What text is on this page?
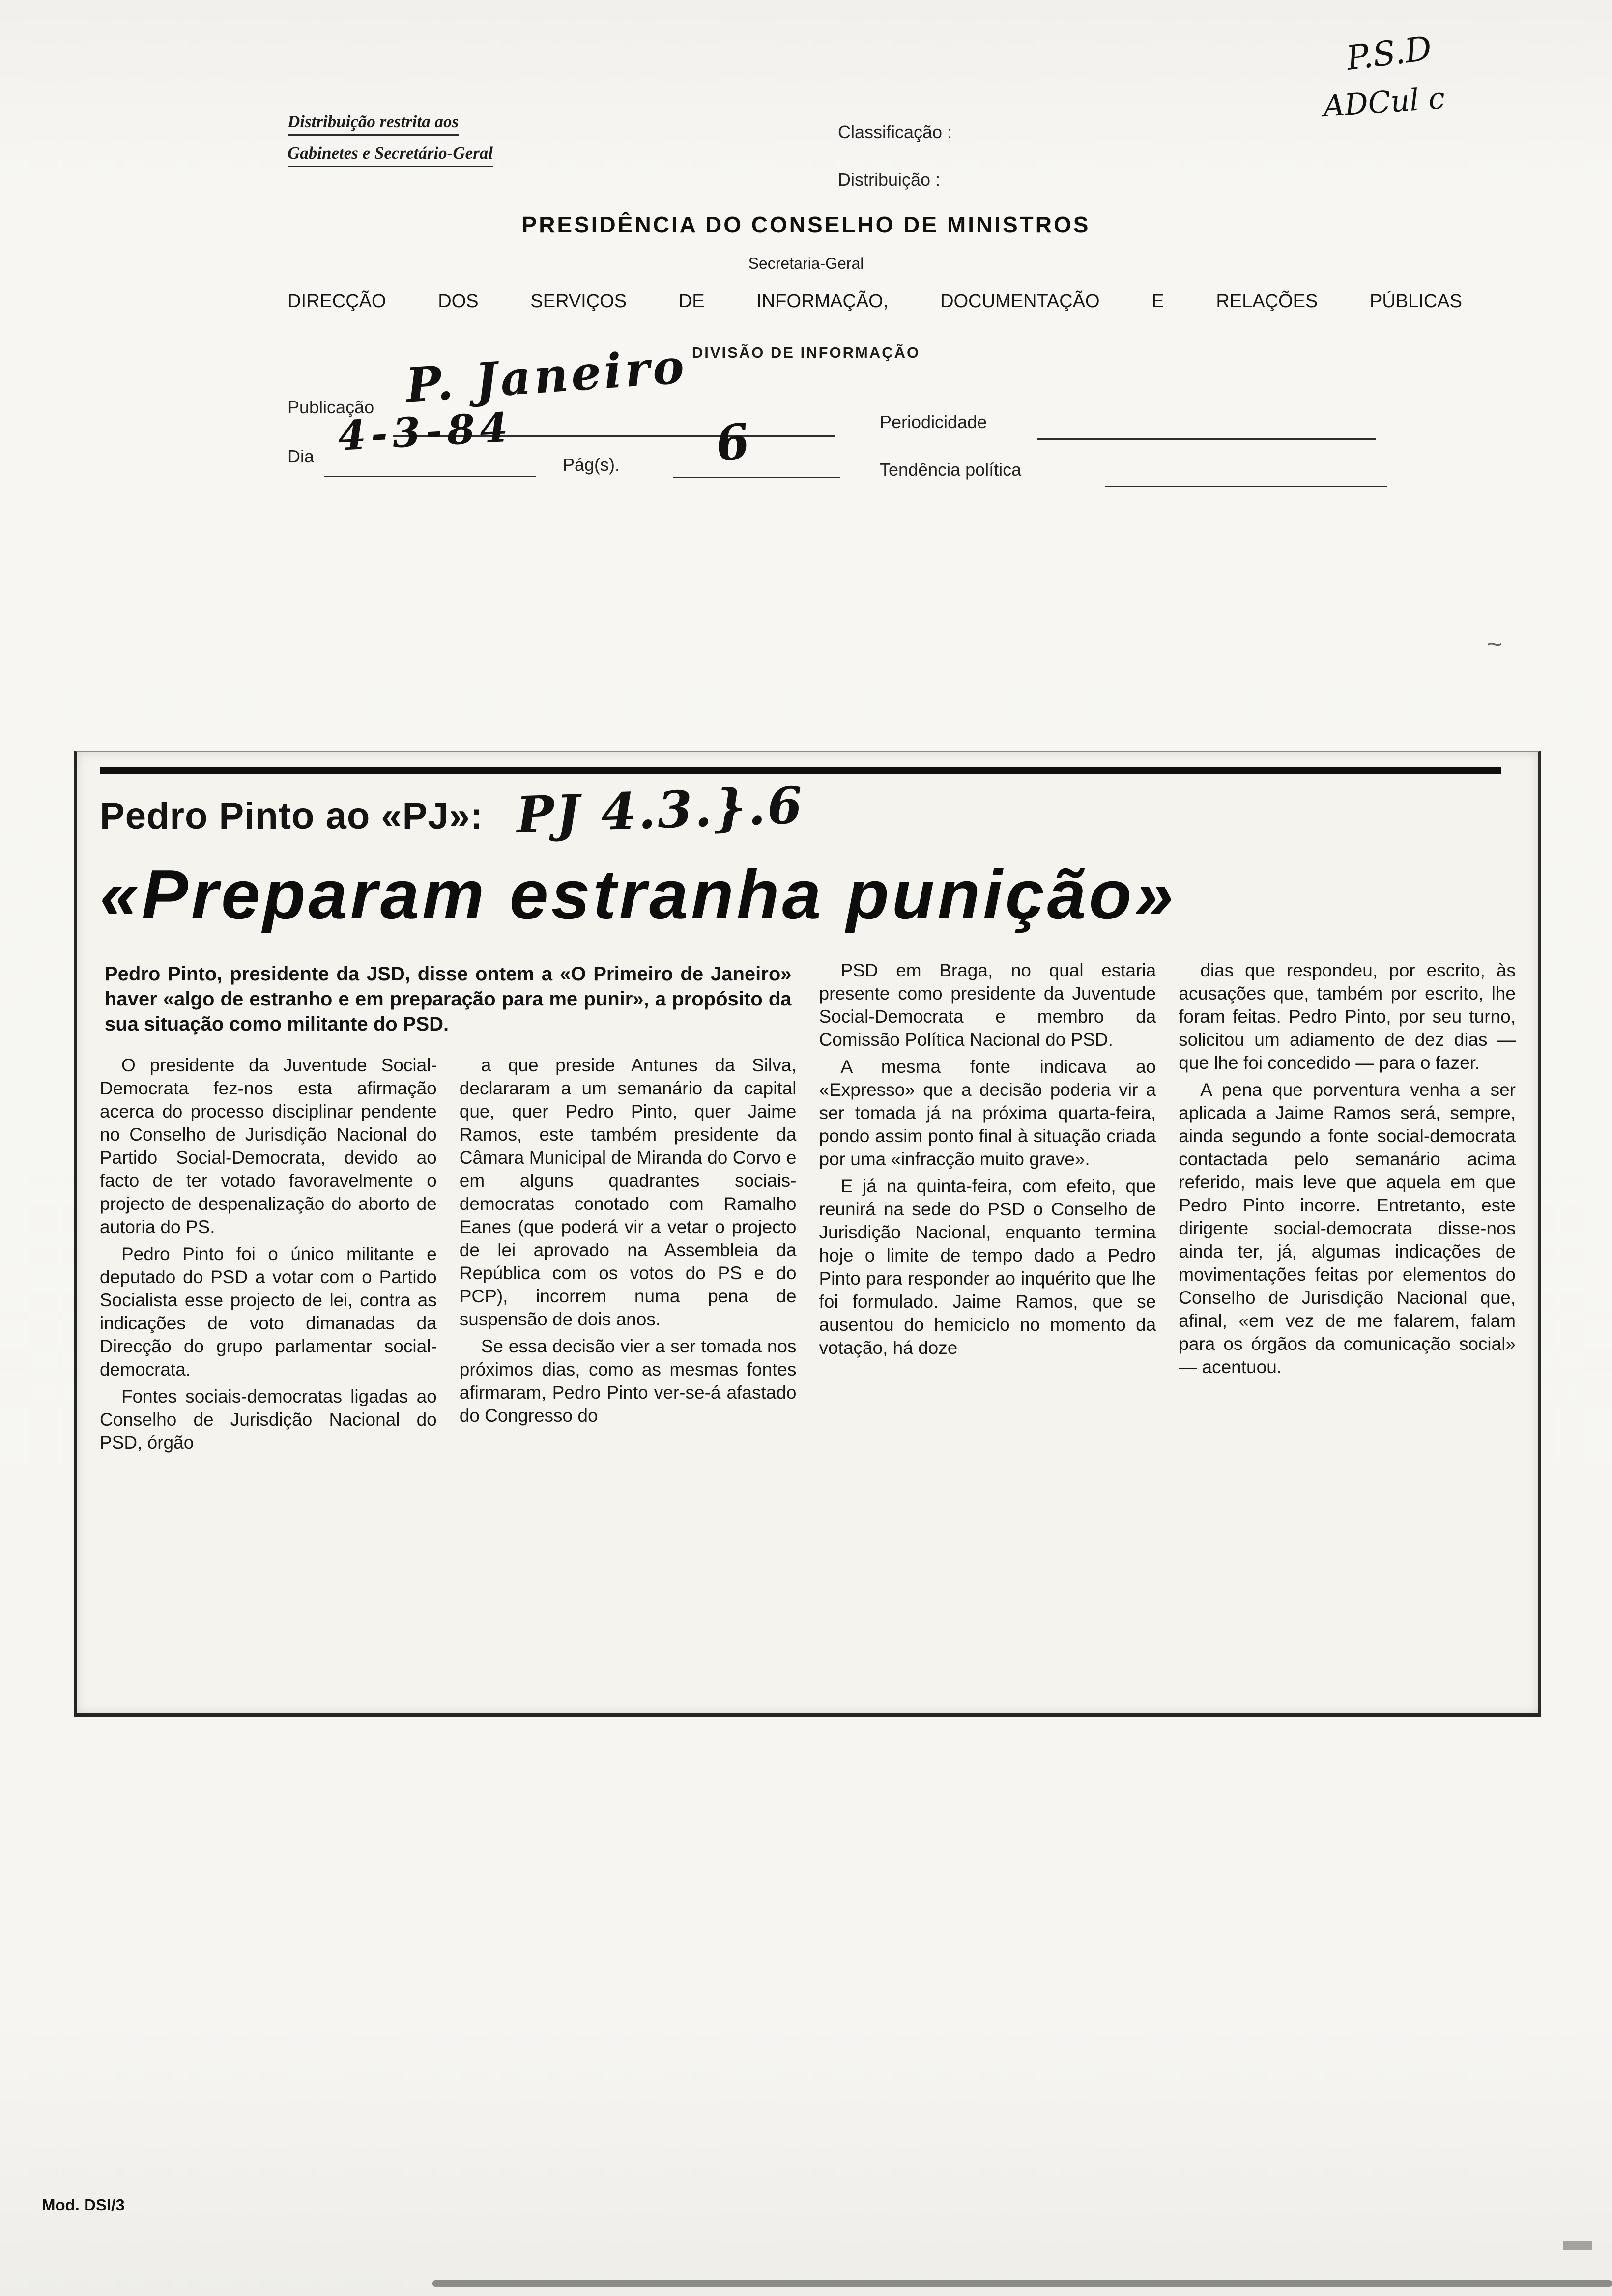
Distribuição restrita aos
Gabinetes e Secretário-Geral
Classificação :
Distribuição :
P.S.D
ADCul c
PRESIDÊNCIA DO CONSELHO DE MINISTROS
Secretaria-Geral
DIRECÇÃO DOS SERVIÇOS DE INFORMAÇÃO, DOCUMENTAÇÃO E RELAÇÕES PÚBLICAS
DIVISÃO DE INFORMAÇÃO
Publicação P. Janeiro
Periodicidade
Dia 4-3-84
Pág(s). 6	Tendência política
~
Pedro Pinto ao «PJ»: PJ 4.3.}.6
«Preparam estranha punição»
Pedro Pinto, presidente da JSD, disse ontem a «O Primeiro de Janeiro» haver «algo de estranho e em preparação para me punir», a propósito da sua situação como militante do PSD.

O presidente da Juventude Social-Democrata fez-nos esta afirmação acerca do processo disciplinar pendente no Conselho de Jurisdição Nacional do Partido Social-Democrata, devido ao facto de ter votado favoravelmente o projecto de despenalização do aborto de autoria do PS.

Pedro Pinto foi o único militante e deputado do PSD a votar com o Partido Socialista esse projecto de lei, contra as indicações de voto dimanadas da Direcção do grupo parlamentar social-democrata.

Fontes sociais-democratas ligadas ao Conselho de Jurisdição Nacional do PSD, órgão

a que preside Antunes da Silva, declararam a um semanário da capital que, quer Pedro Pinto, quer Jaime Ramos, este também presidente da Câmara Municipal de Miranda do Corvo e em alguns quadrantes sociais-democratas conotado com Ramalho Eanes (que poderá vir a vetar o projecto de lei aprovado na Assembleia da República com os votos do PS e do PCP), incorrem numa pena de suspensão de dois anos.

Se essa decisão vier a ser tomada nos próximos dias, como as mesmas fontes afirmaram, Pedro Pinto ver-se-á afastado do Congresso do

PSD em Braga, no qual estaria presente como presidente da Juventude Social-Democrata e membro da Comissão Política Nacional do PSD.

A mesma fonte indicava ao «Expresso» que a decisão poderia vir a ser tomada já na próxima quarta-feira, pondo assim ponto final à situação criada por uma «infracção muito grave».

E já na quinta-feira, com efeito, que reunirá na sede do PSD o Conselho de Jurisdição Nacional, enquanto termina hoje o limite de tempo dado a Pedro Pinto para responder ao inquérito que lhe foi formulado. Jaime Ramos, que se ausentou do hemiciclo no momento da votação, há doze

dias que respondeu, por escrito, às acusações que, também por escrito, lhe foram feitas. Pedro Pinto, por seu turno, solicitou um adiamento de dez dias — que lhe foi concedido — para o fazer.

A pena que porventura venha a ser aplicada a Jaime Ramos será, sempre, ainda segundo a fonte social-democrata contactada pelo semanário acima referido, mais leve que aquela em que Pedro Pinto incorre. Entretanto, este dirigente social-democrata disse-nos ainda ter, já, algumas indicações de movimentações feitas por elementos do Conselho de Jurisdição Nacional que, afinal, «em vez de me falarem, falam para os órgãos da comunicação social» — acentuou.

Mod. DSI/3
